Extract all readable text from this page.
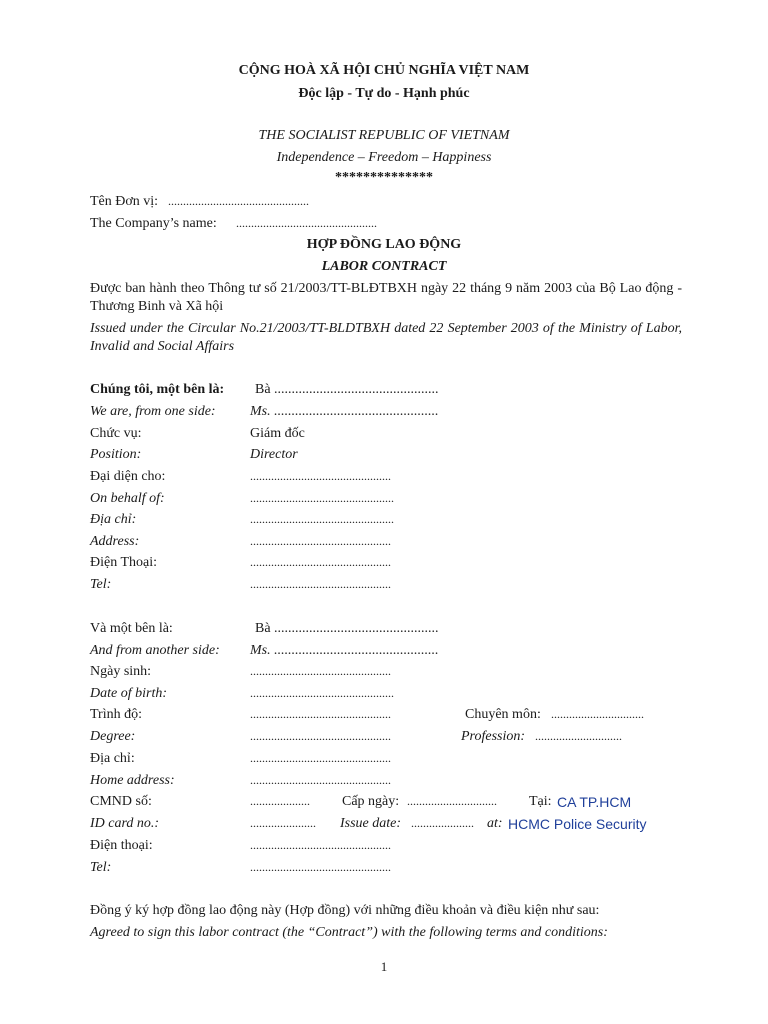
CỘNG HOÀ XÃ HỘI CHỦ NGHĨA VIỆT NAM
Độc lập - Tự do - Hạnh phúc
THE SOCIALIST REPUBLIC OF VIETNAM
Independence – Freedom – Happiness
**************
Tên Đơn vị: ...............................................
The Company’s name: ...............................................
HỢP ĐỒNG LAO ĐỘNG
LABOR CONTRACT
Được ban hành theo Thông tư số 21/2003/TT-BLĐTBXH ngày 22 tháng 9 năm 2003 của Bộ Lao động - Thương Binh và Xã hội
Issued under the Circular No.21/2003/TT-BLDTBXH dated 22 September 2003 of the Ministry of Labor, Invalid and Social Affairs
Chúng tôi, một bên là: Bà ...............................................
We are, from one side: Ms. ...............................................
Chức vụ:	Giám đốc
Position:	Director
Đại diện cho:	...............................................
On behalf of:	................................................
Địa chỉ:	................................................
Address:	...............................................
Điện Thoại:	...............................................
Tel:	...............................................
Và một bên là:	Bà ...............................................
And from another side: Ms. ...............................................
Ngày sinh:	...............................................
Date of birth:	................................................
Trình độ:	...............................................	Chuyên môn: ...............................
Degree:	...............................................	Profession: .............................
Địa chỉ:	...............................................
Home address:	...............................................
CMND số:	.................... Cấp ngày: .............................. Tại: CA TP.HCM
ID card no.:	...................... Issue date: ..................... at: HCMC Police Security
Điện thoại:	...............................................
Tel:	...............................................
Đồng ý ký hợp đồng lao động này (Hợp đồng) với những điều khoản và điều kiện như sau:
Agreed to sign this labor contract (the “Contract”) with the following terms and conditions:
1
